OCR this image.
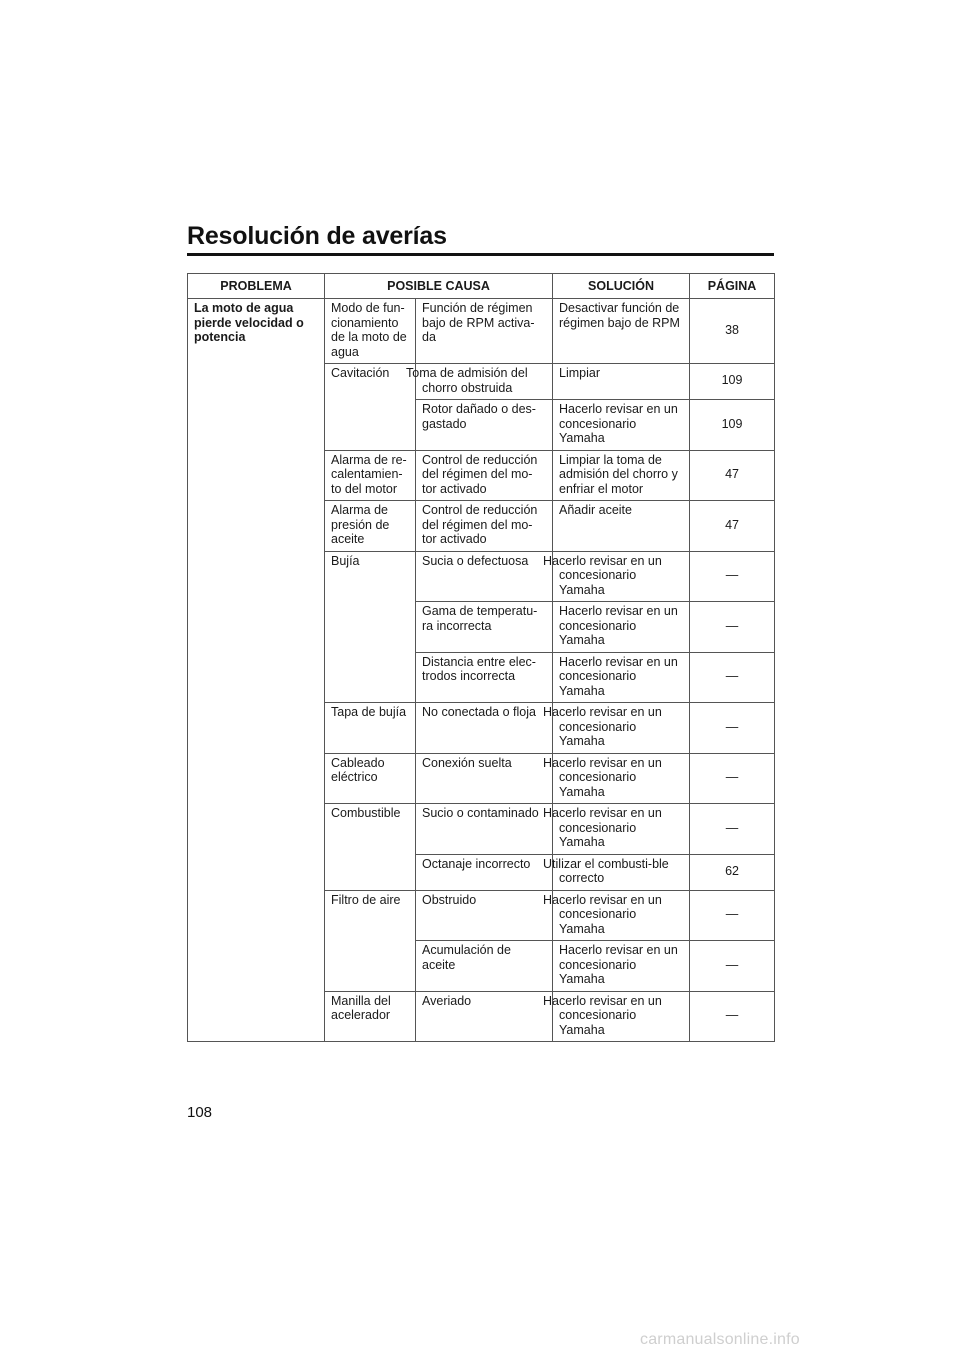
Resolución de averías
PROBLEMA	POSIBLE CAUSA		SOLUCIÓN	PÁGINA
La moto de agua pierde velocidad o potencia	Modo de fun-cionamiento de la moto de agua	Función de régimen bajo de RPM activa-da	Desactivar función de régimen bajo de RPM	38
	Cavitación	Toma de admisión del chorro obstruida	Limpiar	109
		Rotor dañado o des-gastado	Hacerlo revisar en un concesionario Yamaha	109
	Alarma de re-calentamien-to del motor	Control de reducción del régimen del mo-tor activado	Limpiar la toma de admisión del chorro y enfriar el motor	47
	Alarma de presión de aceite	Control de reducción del régimen del mo-tor activado	Añadir aceite	47
	Bujía	Sucia o defectuosa	Hacerlo revisar en un concesionario Yamaha	—
		Gama de temperatu-ra incorrecta	Hacerlo revisar en un concesionario Yamaha	—
		Distancia entre elec-trodos incorrecta	Hacerlo revisar en un concesionario Yamaha	—
	Tapa de bujía	No conectada o floja	Hacerlo revisar en un concesionario Yamaha	—
	Cableado eléctrico	Conexión suelta	Hacerlo revisar en un concesionario Yamaha	—
	Combustible	Sucio o contaminado	Hacerlo revisar en un concesionario Yamaha	—
		Octanaje incorrecto	Utilizar el combusti-ble correcto	62
	Filtro de aire	Obstruido	Hacerlo revisar en un concesionario Yamaha	—
		Acumulación de aceite	Hacerlo revisar en un concesionario Yamaha	—
	Manilla del acelerador	Averiado	Hacerlo revisar en un concesionario Yamaha	—
108
carmanualsonline.info
